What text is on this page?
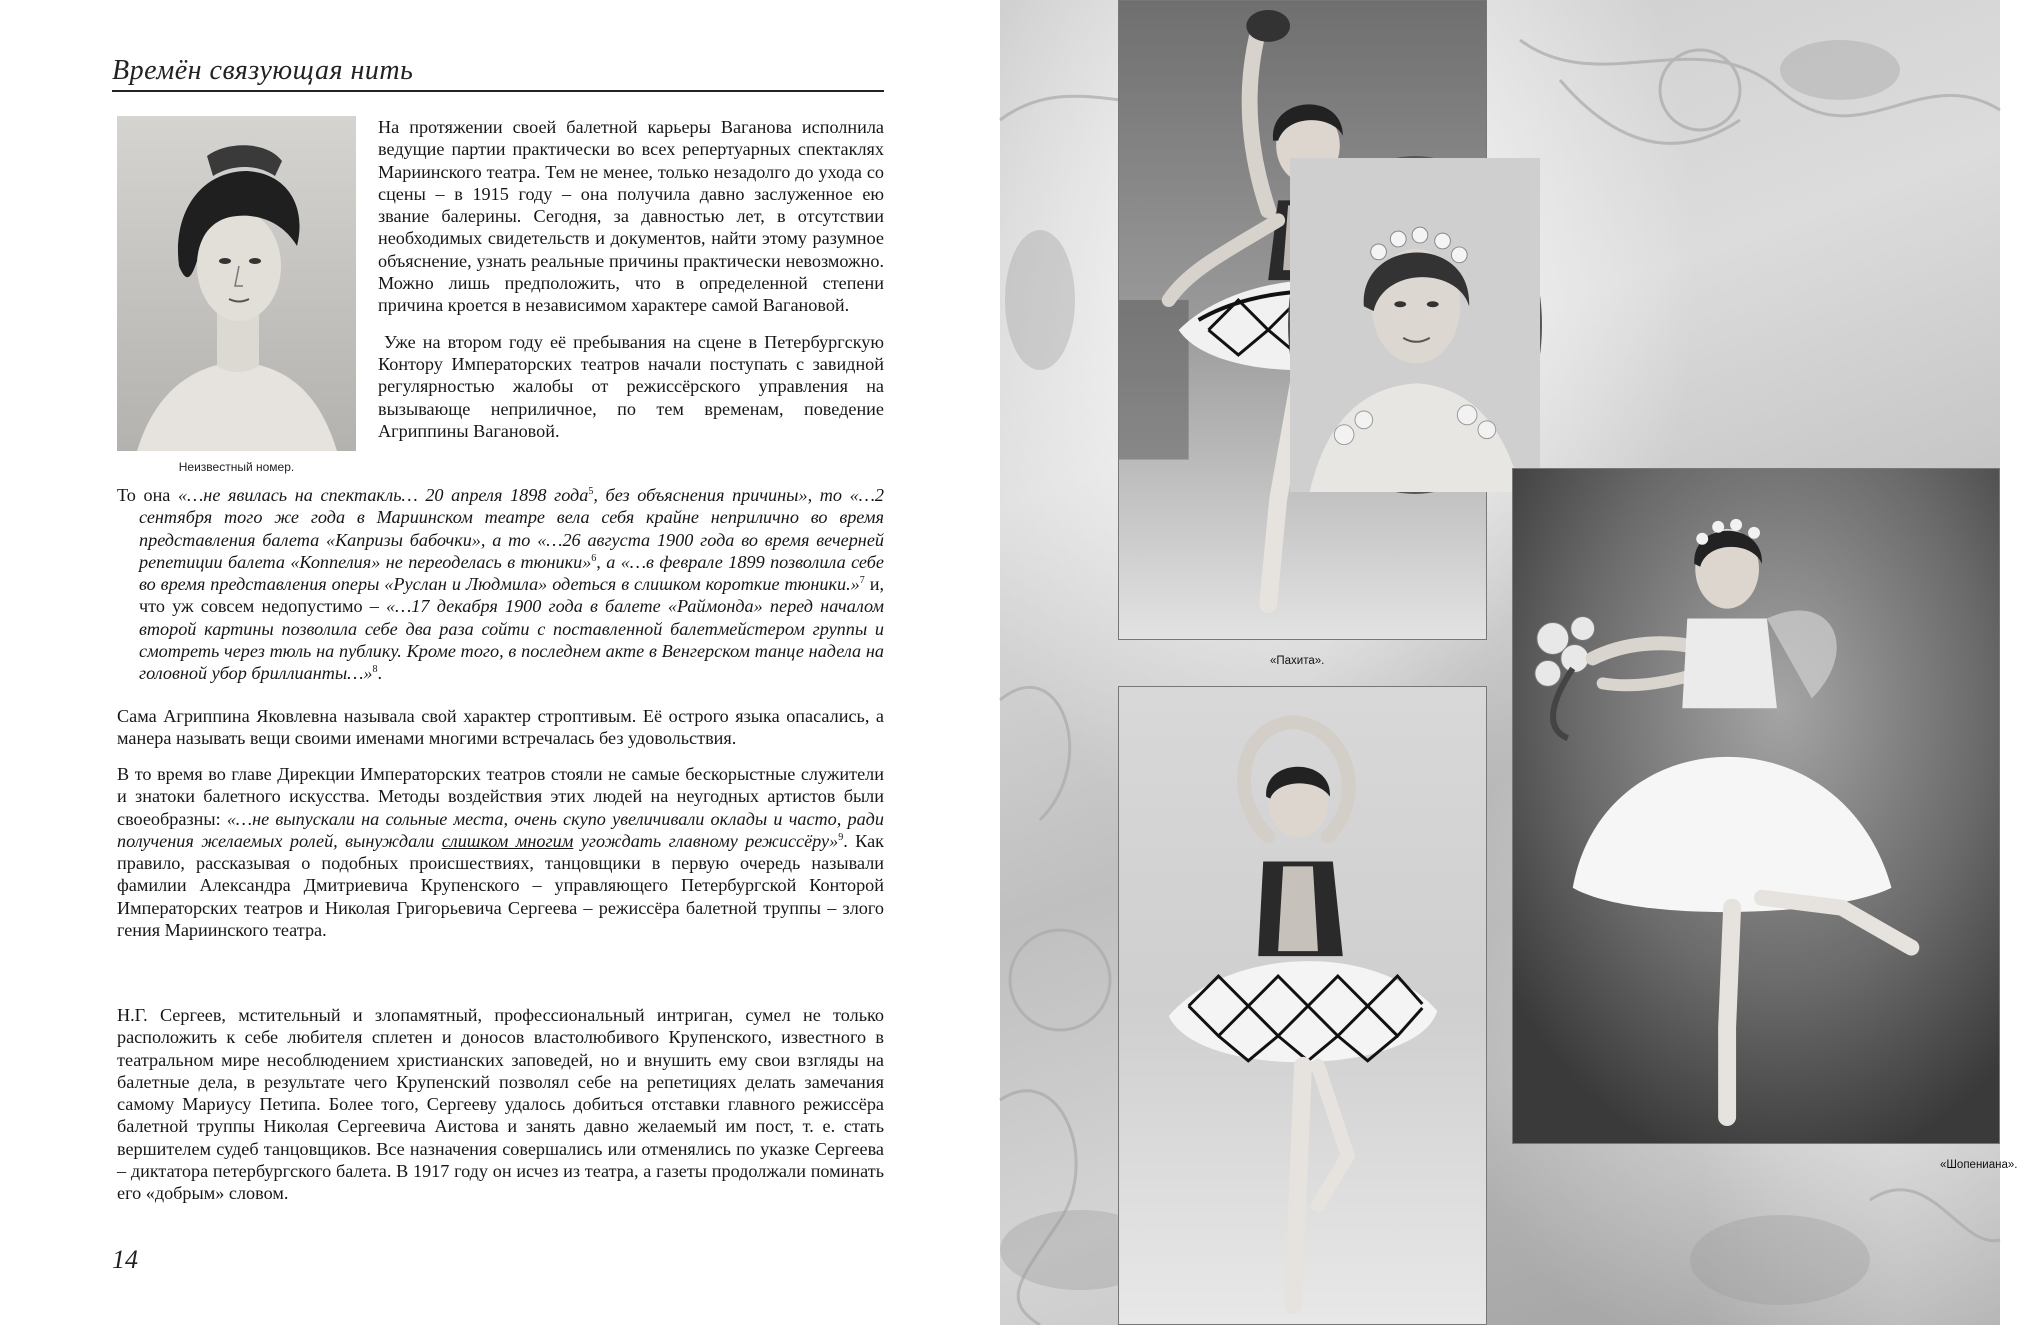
Времён связующая нить
Неизвестный номер.

На протяжении своей балетной карьеры Ваганова исполнила ведущие партии практически во всех репертуарных спектаклях Мариинского театра. Тем не менее, только незадолго до ухода со сцены – в 1915 году – она получила давно заслуженное ею звание балерины. Сегодня, за давностью лет, в отсутствии необходимых свидетельств и документов, найти этому разумное объяснение, узнать реальные причины практически невозможно. Можно лишь предположить, что в определенной степени причина кроется в независимом характере самой Вагановой.

Уже на втором году её пребывания на сцене в Петербургскую Контору Императорских театров начали поступать с завидной регулярностью жалобы от режиссёрского управления на вызывающе неприличное, по тем временам, поведение Агриппины Вагановой.

То она «…не явилась на спектакль… 20 апреля 1898 года$^5$, без объяснения причины», то «…2 сентября того же года в Мариинском театре вела себя крайне неприлично во время представления балета «Капризы бабочки», а то «…26 августа 1900 года во время вечерней репетиции балета «Коппелия» не переоделась в тюники»$^6$, а «…в феврале 1899 позволила себе во время представления оперы «Руслан и Людмила» одеться в слишком короткие тюники.»$^7$ и, что уж совсем недопустимо – «…17 декабря 1900 года в балете «Раймонда» перед началом второй картины позволила себе два раза сойти с поставленной балетмейстером группы и смотреть через тюль на публику. Кроме того, в последнем акте в Венгерском танце надела на головной убор бриллианты…»$^8$.

Сама Агриппина Яковлевна называла свой характер строптивым. Её острого языка опасались, а манера называть вещи своими именами многими встречалась без удовольствия.

В то время во главе Дирекции Императорских театров стояли не самые бескорыстные служители и знатоки балетного искусства. Методы воздействия этих людей на неугодных артистов были своеобразны: «…не выпускали на сольные места, очень скупо увеличивали оклады и часто, ради получения желаемых ролей, вынуждали слишком многим угождать главному режиссёру»$^9$. Как правило, рассказывая о подобных происшествиях, танцовщики в первую очередь называли фамилии Александра Дмитриевича Крупенского – управляющего Петербургской Конторой Императорских театров и Николая Григорьевича Сергеева – режиссёра балетной труппы – злого гения Мариинского театра.

Н.Г. Сергеев, мстительный и злопамятный, профессиональный интриган, сумел не только расположить к себе любителя сплетен и доносов властолюбивого Крупенского, известного в театральном мире несоблюдением христианских заповедей, но и внушить ему свои взгляды на балетные дела, в результате чего Крупенский позволял себе на репетициях делать замечания самому Мариусу Петипа. Более того, Сергееву удалось добиться отставки главного режиссёра балетной труппы Николая Сергеевича Аистова и занять давно желаемый им пост, т. е. стать вершителем судеб танцовщиков. Все назначения совершались или отменялись по указке Сергеева – диктатора петербургского балета. В 1917 году он исчез из театра, а газеты продолжали поминать его «добрым» словом.

14
«Пахита».
«Шопениана».
